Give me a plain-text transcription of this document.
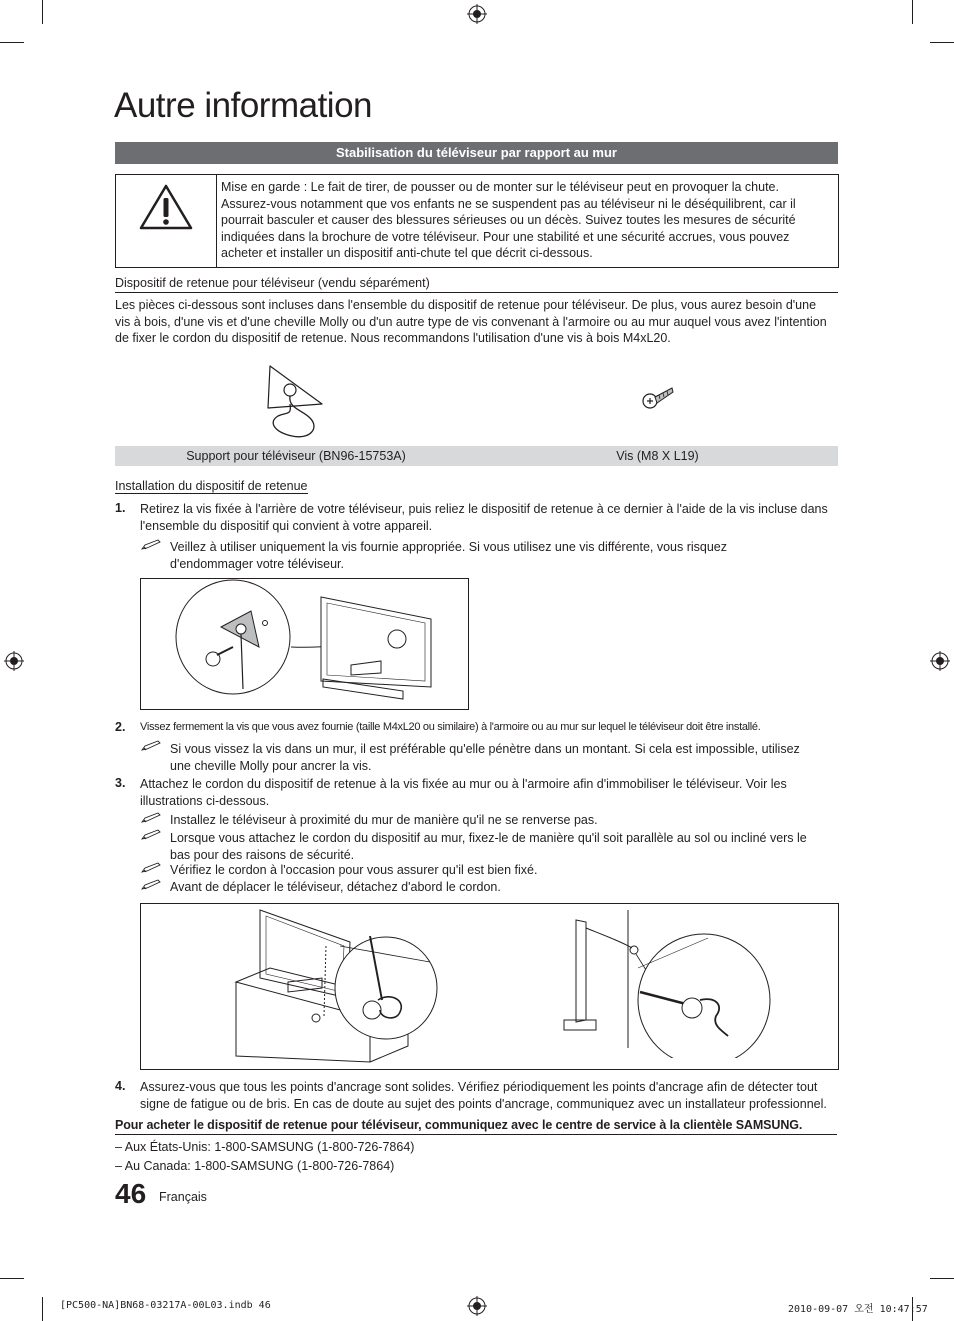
Autre information
Stabilisation du téléviseur par rapport au mur
Mise en garde : Le fait de tirer, de pousser ou de monter sur le téléviseur peut en provoquer la chute.
Assurez-vous notamment que vos enfants ne se suspendent pas au téléviseur ni le déséquilibrent, car il
pourrait basculer et causer des blessures sérieuses ou un décès. Suivez toutes les mesures de sécurité
indiquées dans la brochure de votre téléviseur. Pour une stabilité et une sécurité accrues, vous pouvez
acheter et installer un dispositif anti-chute tel que décrit ci-dessous.
Dispositif de retenue pour téléviseur (vendu séparément)
Les pièces ci-dessous sont incluses dans l'ensemble du dispositif de retenue pour téléviseur. De plus, vous aurez besoin d'une
vis à bois, d'une vis et d'une cheville Molly ou d'un autre type de vis convenant à l'armoire ou au mur auquel vous avez l'intention
de fixer le cordon du dispositif de retenue. Nous recommandons l'utilisation d'une vis à bois M4xL20.
Support pour téléviseur (BN96-15753A)	Vis (M8 X L19)
Installation du dispositif de retenue
1. Retirez la vis fixée à l'arrière de votre téléviseur, puis reliez le dispositif de retenue à ce dernier à l'aide de la vis incluse dans
l'ensemble du dispositif qui convient à votre appareil.
Veillez à utiliser uniquement la vis fournie appropriée. Si vous utilisez une vis différente, vous risquez
d'endommager votre téléviseur.
2. Vissez fermement la vis que vous avez fournie (taille M4xL20 ou similaire) à l'armoire ou au mur sur lequel le téléviseur doit être installé.
Si vous vissez la vis dans un mur, il est préférable qu'elle pénètre dans un montant. Si cela est impossible, utilisez
une cheville Molly pour ancrer la vis.
3. Attachez le cordon du dispositif de retenue à la vis fixée au mur ou à l'armoire afin d'immobiliser le téléviseur. Voir les
illustrations ci-dessous.
Installez le téléviseur à proximité du mur de manière qu'il ne se renverse pas.
Lorsque vous attachez le cordon du dispositif au mur, fixez-le de manière qu'il soit parallèle au sol ou incliné vers le
bas pour des raisons de sécurité.
Vérifiez le cordon à l'occasion pour vous assurer qu'il est bien fixé.
Avant de déplacer le téléviseur, détachez d'abord le cordon.
4. Assurez-vous que tous les points d'ancrage sont solides. Vérifiez périodiquement les points d'ancrage afin de détecter tout
signe de fatigue ou de bris. En cas de doute au sujet des points d'ancrage, communiquez avec un installateur professionnel.
Pour acheter le dispositif de retenue pour téléviseur, communiquez avec le centre de service à la clientèle SAMSUNG.
– Aux États-Unis: 1-800-SAMSUNG (1-800-726-7864)
– Au Canada: 1-800-SAMSUNG (1-800-726-7864)
46 Français
[PC500-NA]BN68-03217A-00L03.indb 46	2010-09-07 오전 10:47:57
